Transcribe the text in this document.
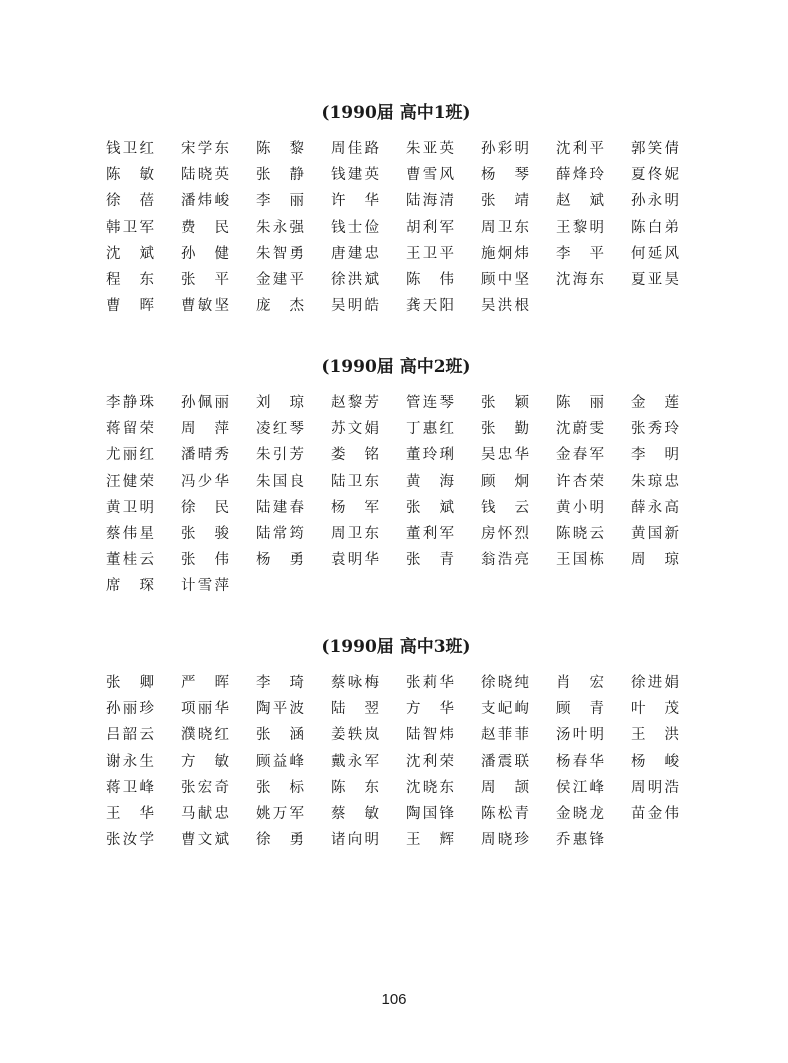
(1990届 高中1班)
钱卫红 宋学东 陈黎 周佳路 朱亚英 孙彩明 沈利平 郭笑倩
陈敏 陆晓英 张静 钱建英 曹雪风 杨琴 薛烽玲 夏佟妮
徐蓓 潘炜峻 李丽 许华 陆海清 张靖 赵斌 孙永明
韩卫军 费民 朱永强 钱士俭 胡利军 周卫东 王黎明 陈白弟
沈斌 孙健 朱智勇 唐建忠 王卫平 施炯炜 李平 何延风
程东 张平 金建平 徐洪斌 陈伟 顾中坚 沈海东 夏亚昊
曹晖 曹敏坚 庞杰 吴明皓 龚天阳 吴洪根
(1990届 高中2班)
李静珠 孙佩丽 刘琼 赵黎芳 管连琴 张颖 陈丽 金莲
蒋留荣 周萍 凌红琴 苏文娟 丁惠红 张勤 沈蔚雯 张秀玲
尤丽红 潘晴秀 朱引芳 娄铭 董玲琍 吴忠华 金春军 李明
汪健荣 冯少华 朱国良 陆卫东 黄海 顾炯 许杏荣 朱琼忠
黄卫明 徐民 陆建春 杨军 张斌 钱云 黄小明 薛永高
蔡伟星 张骏 陆常筠 周卫东 董利军 房怀烈 陈晓云 黄国新
董桂云 张伟 杨勇 袁明华 张青 翁浩亮 王国栋 周琼
席琛 计雪萍
(1990届 高中3班)
张卿 严晖 李琦 蔡咏梅 张莉华 徐晓纯 肖宏 徐进娟
孙丽珍 项丽华 陶平波 陆翌 方华 支屺岣 顾青 叶茂
吕韶云 濮晓红 张涵 姜轶岚 陆智炜 赵菲菲 汤叶明 王洪
谢永生 方敏 顾益峰 戴永军 沈利荣 潘震联 杨春华 杨峻
蒋卫峰 张宏奇 张标 陈东 沈晓东 周颉 侯江峰 周明浩
王华 马献忠 姚万军 蔡敏 陶国锋 陈松青 金晓龙 苗金伟
张汝学 曹文斌 徐勇 诸向明 王辉 周晓珍 乔惠锋
106
